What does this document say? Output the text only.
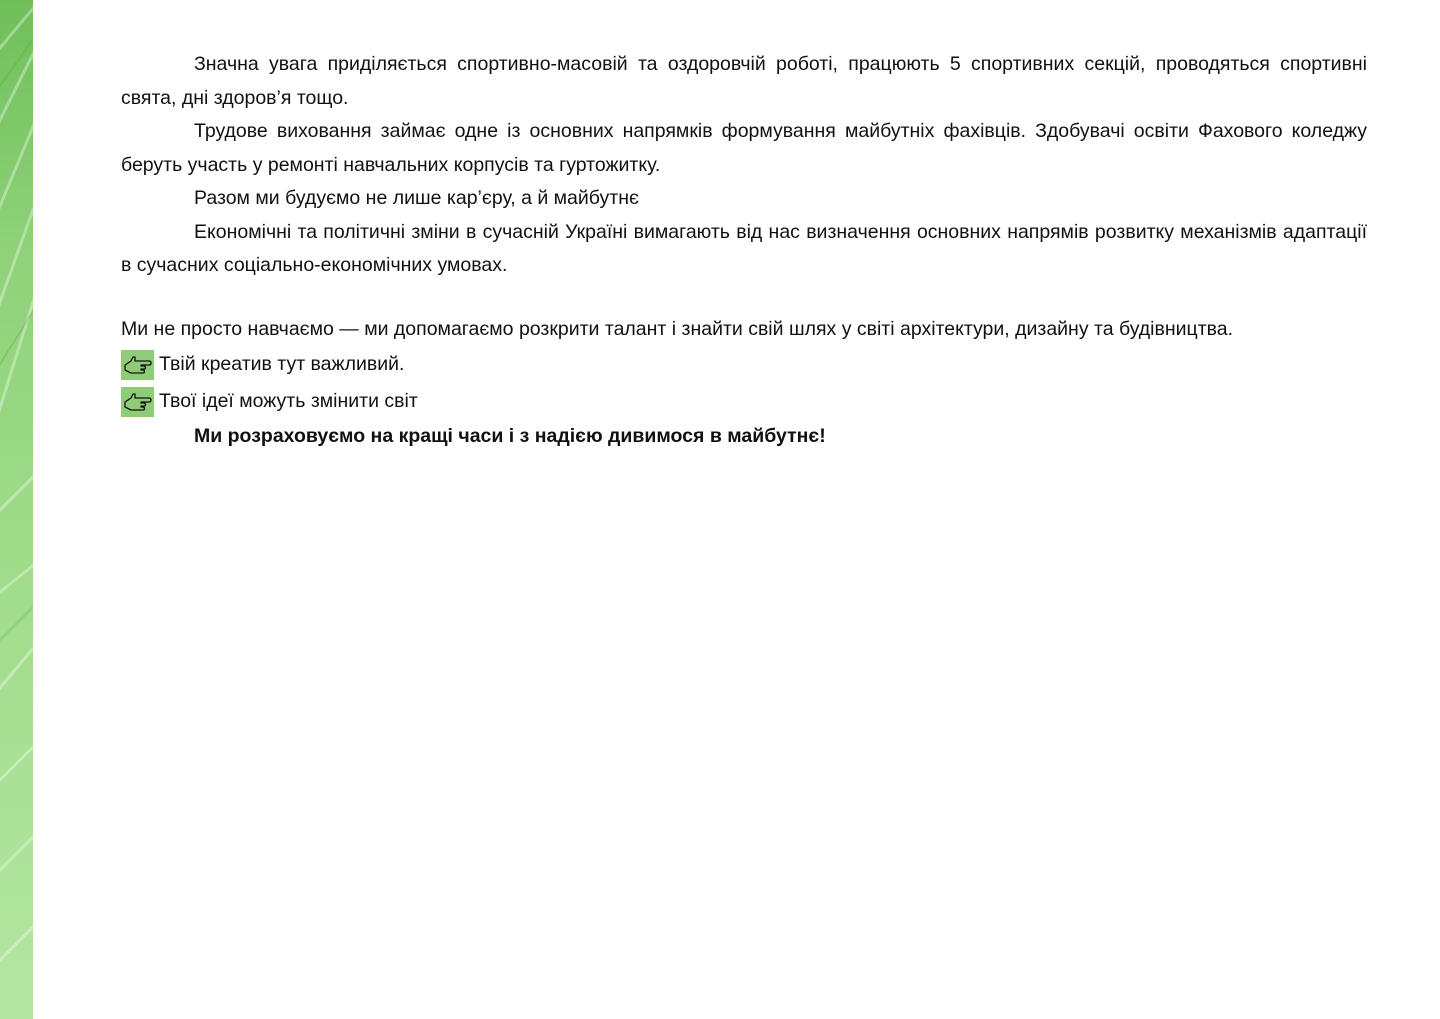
Значна увага приділяється спортивно-масовій та оздоровчій роботі, працюють 5 спортивних секцій, проводяться спортивні свята, дні здоров’я тощо.

Трудове виховання займає одне із основних напрямків формування майбутніх фахівців. Здобувачі освіти Фахового коледжу беруть участь у ремонті навчальних корпусів та гуртожитку.

Разом ми будуємо не лише кар’єру, а й майбутнє

Економічні та політичні зміни в сучасній Україні вимагають від нас визначення основних напрямів розвитку механізмів адаптації в сучасних соціально-економічних умовах.

Ми не просто навчаємо — ми допомагаємо розкрити талант і знайти свій шлях у світі архітектури, дизайну та будівництва.

Твій креатив тут важливий.
Твої ідеї можуть змінити світ

Ми розраховуємо на кращі часи і з надією дивимося в майбутнє!
